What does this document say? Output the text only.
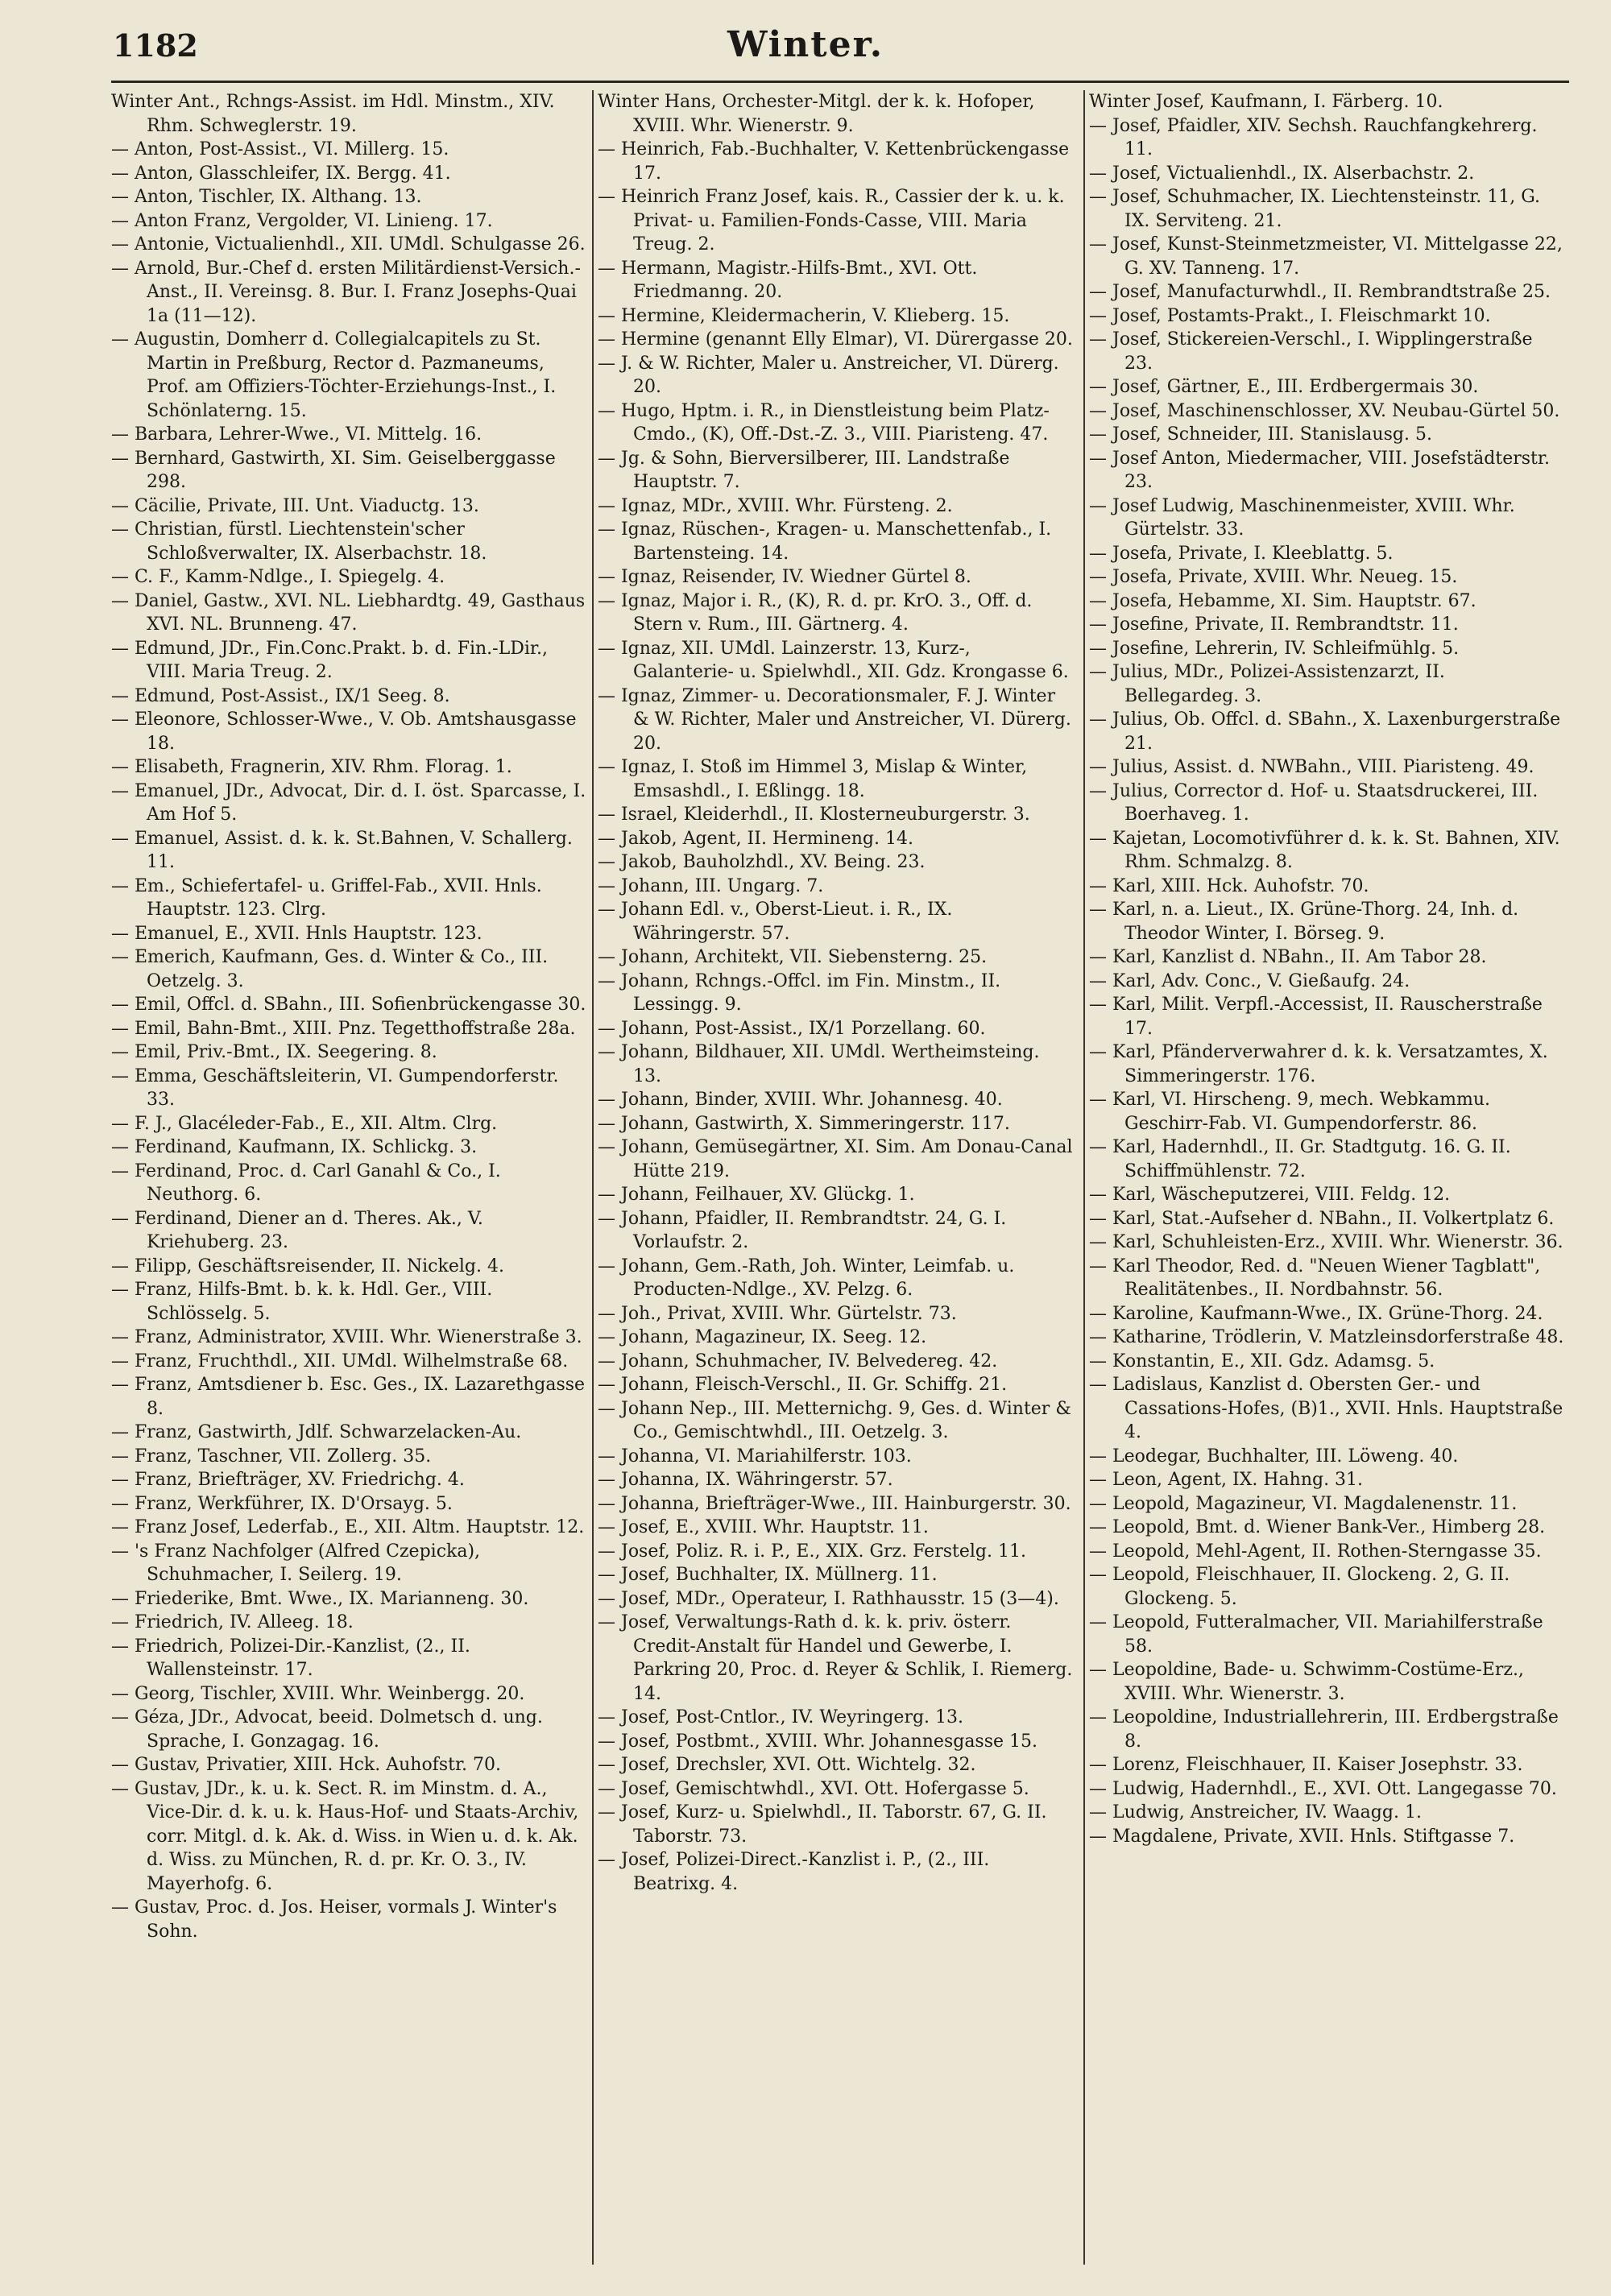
1182	Winter.

Winter Ant., Rchngs-Assist. im Hdl. Minstm., XIV. Rhm. Schweglerstr. 19.

— Anton, Post-Assist., VI. Millerg. 15.

— Anton, Glasschleifer, IX. Bergg. 41.

— Anton, Tischler, IX. Althang. 13.

— Anton Franz, Vergolder, VI. Linieng. 17.

— Antonie, Victualienhdl., XII. UMdl. Schulgasse 26.

— Arnold, Bur.-Chef d. ersten Militärdienst-Versich.-Anst., II. Vereinsg. 8. Bur. I. Franz Josephs-Quai 1a (11—12).

— Augustin, Domherr d. Collegialcapitels zu St. Martin in Preßburg, Rector d. Pazmaneums, Prof. am Offiziers-Töchter-Erziehungs-Inst., I. Schönlaterng. 15.

— Barbara, Lehrer-Wwe., VI. Mittelg. 16.

— Bernhard, Gastwirth, XI. Sim. Geiselberggasse 298.

— Cäcilie, Private, III. Unt. Viaductg. 13.

— Christian, fürstl. Liechtenstein'scher Schloßverwalter, IX. Alserbachstr. 18.

— C. F., Kamm-Ndlge., I. Spiegelg. 4.

— Daniel, Gastw., XVI. NL. Liebhardtg. 49, Gasthaus XVI. NL. Brunneng. 47.

— Edmund, JDr., Fin.Conc.Prakt. b. d. Fin.-LDir., VIII. Maria Treug. 2.

— Edmund, Post-Assist., IX/1 Seeg. 8.

— Eleonore, Schlosser-Wwe., V. Ob. Amtshausgasse 18.

— Elisabeth, Fragnerin, XIV. Rhm. Florag. 1.

— Emanuel, JDr., Advocat, Dir. d. I. öst. Sparcasse, I. Am Hof 5.

— Emanuel, Assist. d. k. k. St.Bahnen, V. Schallerg. 11.

— Em., Schiefertafel- u. Griffel-Fab., XVII. Hnls. Hauptstr. 123. Clrg.

— Emanuel, E., XVII. Hnls Hauptstr. 123.

— Emerich, Kaufmann, Ges. d. Winter & Co., III. Oetzelg. 3.

— Emil, Offcl. d. SBahn., III. Sofienbrückengasse 30.

— Emil, Bahn-Bmt., XIII. Pnz. Tegetthoffstraße 28a.

— Emil, Priv.-Bmt., IX. Seegering. 8.

— Emma, Geschäftsleiterin, VI. Gumpendorferstr. 33.

— F. J., Glacéleder-Fab., E., XII. Altm. Clrg.

— Ferdinand, Kaufmann, IX. Schlickg. 3.

— Ferdinand, Proc. d. Carl Ganahl & Co., I. Neuthorg. 6.

— Ferdinand, Diener an d. Theres. Ak., V. Kriehuberg. 23.

— Filipp, Geschäftsreisender, II. Nickelg. 4.

— Franz, Hilfs-Bmt. b. k. k. Hdl. Ger., VIII. Schlösselg. 5.

— Franz, Administrator, XVIII. Whr. Wienerstraße 3.

— Franz, Fruchthdl., XII. UMdl. Wilhelmstraße 68.

— Franz, Amtsdiener b. Esc. Ges., IX. Lazarethgasse 8.

— Franz, Gastwirth, Jdlf. Schwarzelacken-Au.

— Franz, Taschner, VII. Zollerg. 35.

— Franz, Briefträger, XV. Friedrichg. 4.

— Franz, Werkführer, IX. D'Orsayg. 5.

— Franz Josef, Lederfab., E., XII. Altm. Hauptstr. 12.

— 's Franz Nachfolger (Alfred Czepicka), Schuhmacher, I. Seilerg. 19.

— Friederike, Bmt. Wwe., IX. Marianneng. 30.

— Friedrich, IV. Alleeg. 18.

— Friedrich, Polizei-Dir.-Kanzlist, (2., II. Wallensteinstr. 17.

— Georg, Tischler, XVIII. Whr. Weinbergg. 20.

— Géza, JDr., Advocat, beeid. Dolmetsch d. ung. Sprache, I. Gonzagag. 16.

— Gustav, Privatier, XIII. Hck. Auhofstr. 70.

— Gustav, JDr., k. u. k. Sect. R. im Minstm. d. A., Vice-Dir. d. k. u. k. Haus-Hof- und Staats-Archiv, corr. Mitgl. d. k. Ak. d. Wiss. in Wien u. d. k. Ak. d. Wiss. zu München, R. d. pr. Kr. O. 3., IV. Mayerhofg. 6.

— Gustav, Proc. d. Jos. Heiser, vormals J. Winter's Sohn.

Winter Hans, Orchester-Mitgl. der k. k. Hofoper, XVIII. Whr. Wienerstr. 9.

— Heinrich, Fab.-Buchhalter, V. Kettenbrückengasse 17.

— Heinrich Franz Josef, kais. R., Cassier der k. u. k. Privat- u. Familien-Fonds-Casse, VIII. Maria Treug. 2.

— Hermann, Magistr.-Hilfs-Bmt., XVI. Ott. Friedmanng. 20.

— Hermine, Kleidermacherin, V. Klieberg. 15.

— Hermine (genannt Elly Elmar), VI. Dürergasse 20.

— J. & W. Richter, Maler u. Anstreicher, VI. Dürerg. 20.

— Hugo, Hptm. i. R., in Dienstleistung beim Platz-Cmdo., (K), Off.-Dst.-Z. 3., VIII. Piaristeng. 47.

— Jg. & Sohn, Bierversilberer, III. Landstraße Hauptstr. 7.

— Ignaz, MDr., XVIII. Whr. Fürsteng. 2.

— Ignaz, Rüschen-, Kragen- u. Manschettenfab., I. Bartensteing. 14.

— Ignaz, Reisender, IV. Wiedner Gürtel 8.

— Ignaz, Major i. R., (K), R. d. pr. KrO. 3., Off. d. Stern v. Rum., III. Gärtnerg. 4.

— Ignaz, XII. UMdl. Lainzerstr. 13, Kurz-, Galanterie- u. Spielwhdl., XII. Gdz. Krongasse 6.

— Ignaz, Zimmer- u. Decorationsmaler, F. J. Winter & W. Richter, Maler und Anstreicher, VI. Dürerg. 20.

— Ignaz, I. Stoß im Himmel 3, Mislap & Winter, Emsashdl., I. Eßlingg. 18.

— Israel, Kleiderhdl., II. Klosterneuburgerstr. 3.

— Jakob, Agent, II. Hermineng. 14.

— Jakob, Bauholzhdl., XV. Being. 23.

— Johann, III. Ungarg. 7.

— Johann Edl. v., Oberst-Lieut. i. R., IX. Währingerstr. 57.

— Johann, Architekt, VII. Siebensterng. 25.

— Johann, Rchngs.-Offcl. im Fin. Minstm., II. Lessingg. 9.

— Johann, Post-Assist., IX/1 Porzellang. 60.

— Johann, Bildhauer, XII. UMdl. Wertheimsteing. 13.

— Johann, Binder, XVIII. Whr. Johannesg. 40.

— Johann, Gastwirth, X. Simmeringerstr. 117.

— Johann, Gemüsegärtner, XI. Sim. Am Donau-Canal Hütte 219.

— Johann, Feilhauer, XV. Glückg. 1.

— Johann, Pfaidler, II. Rembrandtstr. 24, G. I. Vorlaufstr. 2.

— Johann, Gem.-Rath, Joh. Winter, Leimfab. u. Producten-Ndlge., XV. Pelzg. 6.

— Joh., Privat, XVIII. Whr. Gürtelstr. 73.

— Johann, Magazineur, IX. Seeg. 12.

— Johann, Schuhmacher, IV. Belvedereg. 42.

— Johann, Fleisch-Verschl., II. Gr. Schiffg. 21.

— Johann Nep., III. Metternichg. 9, Ges. d. Winter & Co., Gemischtwhdl., III. Oetzelg. 3.

— Johanna, VI. Mariahilferstr. 103.

— Johanna, IX. Währingerstr. 57.

— Johanna, Briefträger-Wwe., III. Hainburgerstr. 30.

— Josef, E., XVIII. Whr. Hauptstr. 11.

— Josef, Poliz. R. i. P., E., XIX. Grz. Ferstelg. 11.

— Josef, Buchhalter, IX. Müllnerg. 11.

— Josef, MDr., Operateur, I. Rathhausstr. 15 (3—4).

— Josef, Verwaltungs-Rath d. k. k. priv. österr. Credit-Anstalt für Handel und Gewerbe, I. Parkring 20, Proc. d. Reyer & Schlik, I. Riemerg. 14.

— Josef, Post-Cntlor., IV. Weyringerg. 13.

— Josef, Postbmt., XVIII. Whr. Johannesgasse 15.

— Josef, Drechsler, XVI. Ott. Wichtelg. 32.

— Josef, Gemischtwhdl., XVI. Ott. Hofergasse 5.

— Josef, Kurz- u. Spielwhdl., II. Taborstr. 67, G. II. Taborstr. 73.

— Josef, Polizei-Direct.-Kanzlist i. P., (2., III. Beatrixg. 4.

Winter Josef, Kaufmann, I. Färberg. 10.

— Josef, Pfaidler, XIV. Sechsh. Rauchfangkehrerg. 11.

— Josef, Victualienhdl., IX. Alserbachstr. 2.

— Josef, Schuhmacher, IX. Liechtensteinstr. 11, G. IX. Serviteng. 21.

— Josef, Kunst-Steinmetzmeister, VI. Mittelgasse 22, G. XV. Tanneng. 17.

— Josef, Manufacturwhdl., II. Rembrandtstraße 25.

— Josef, Postamts-Prakt., I. Fleischmarkt 10.

— Josef, Stickereien-Verschl., I. Wipplingerstraße 23.

— Josef, Gärtner, E., III. Erdbergermais 30.

— Josef, Maschinenschlosser, XV. Neubau-Gürtel 50.

— Josef, Schneider, III. Stanislausg. 5.

— Josef Anton, Miedermacher, VIII. Josefstädterstr. 23.

— Josef Ludwig, Maschinenmeister, XVIII. Whr. Gürtelstr. 33.

— Josefa, Private, I. Kleeblattg. 5.

— Josefa, Private, XVIII. Whr. Neueg. 15.

— Josefa, Hebamme, XI. Sim. Hauptstr. 67.

— Josefine, Private, II. Rembrandtstr. 11.

— Josefine, Lehrerin, IV. Schleifmühlg. 5.

— Julius, MDr., Polizei-Assistenzarzt, II. Bellegardeg. 3.

— Julius, Ob. Offcl. d. SBahn., X. Laxenburgerstraße 21.

— Julius, Assist. d. NWBahn., VIII. Piaristeng. 49.

— Julius, Corrector d. Hof- u. Staatsdruckerei, III. Boerhaveg. 1.

— Kajetan, Locomotivführer d. k. k. St. Bahnen, XIV. Rhm. Schmalzg. 8.

— Karl, XIII. Hck. Auhofstr. 70.

— Karl, n. a. Lieut., IX. Grüne-Thorg. 24, Inh. d. Theodor Winter, I. Börseg. 9.

— Karl, Kanzlist d. NBahn., II. Am Tabor 28.

— Karl, Adv. Conc., V. Gießaufg. 24.

— Karl, Milit. Verpfl.-Accessist, II. Rauscherstraße 17.

— Karl, Pfänderverwahrer d. k. k. Versatzamtes, X. Simmeringerstr. 176.

— Karl, VI. Hirscheng. 9, mech. Webkammu. Geschirr-Fab. VI. Gumpendorferstr. 86.

— Karl, Hadernhdl., II. Gr. Stadtgutg. 16. G. II. Schiffmühlenstr. 72.

— Karl, Wäscheputzerei, VIII. Feldg. 12.

— Karl, Stat.-Aufseher d. NBahn., II. Volkertplatz 6.

— Karl, Schuhleisten-Erz., XVIII. Whr. Wienerstr. 36.

— Karl Theodor, Red. d. "Neuen Wiener Tagblatt", Realitätenbes., II. Nordbahnstr. 56.

— Karoline, Kaufmann-Wwe., IX. Grüne-Thorg. 24.

— Katharine, Trödlerin, V. Matzleinsdorferstraße 48.

— Konstantin, E., XII. Gdz. Adamsg. 5.

— Ladislaus, Kanzlist d. Obersten Ger.- und Cassations-Hofes, (B)1., XVII. Hnls. Hauptstraße 4.

— Leodegar, Buchhalter, III. Löweng. 40.

— Leon, Agent, IX. Hahng. 31.

— Leopold, Magazineur, VI. Magdalenenstr. 11.

— Leopold, Bmt. d. Wiener Bank-Ver., Himberg 28.

— Leopold, Mehl-Agent, II. Rothen-Sterngasse 35.

— Leopold, Fleischhauer, II. Glockeng. 2, G. II. Glockeng. 5.

— Leopold, Futteralmacher, VII. Mariahilferstraße 58.

— Leopoldine, Bade- u. Schwimm-Costüme-Erz., XVIII. Whr. Wienerstr. 3.

— Leopoldine, Industriallehrerin, III. Erdbergstraße 8.

— Lorenz, Fleischhauer, II. Kaiser Josephstr. 33.

— Ludwig, Hadernhdl., E., XVI. Ott. Langegasse 70.

— Ludwig, Anstreicher, IV. Waagg. 1.

— Magdalene, Private, XVII. Hnls. Stiftgasse 7.
